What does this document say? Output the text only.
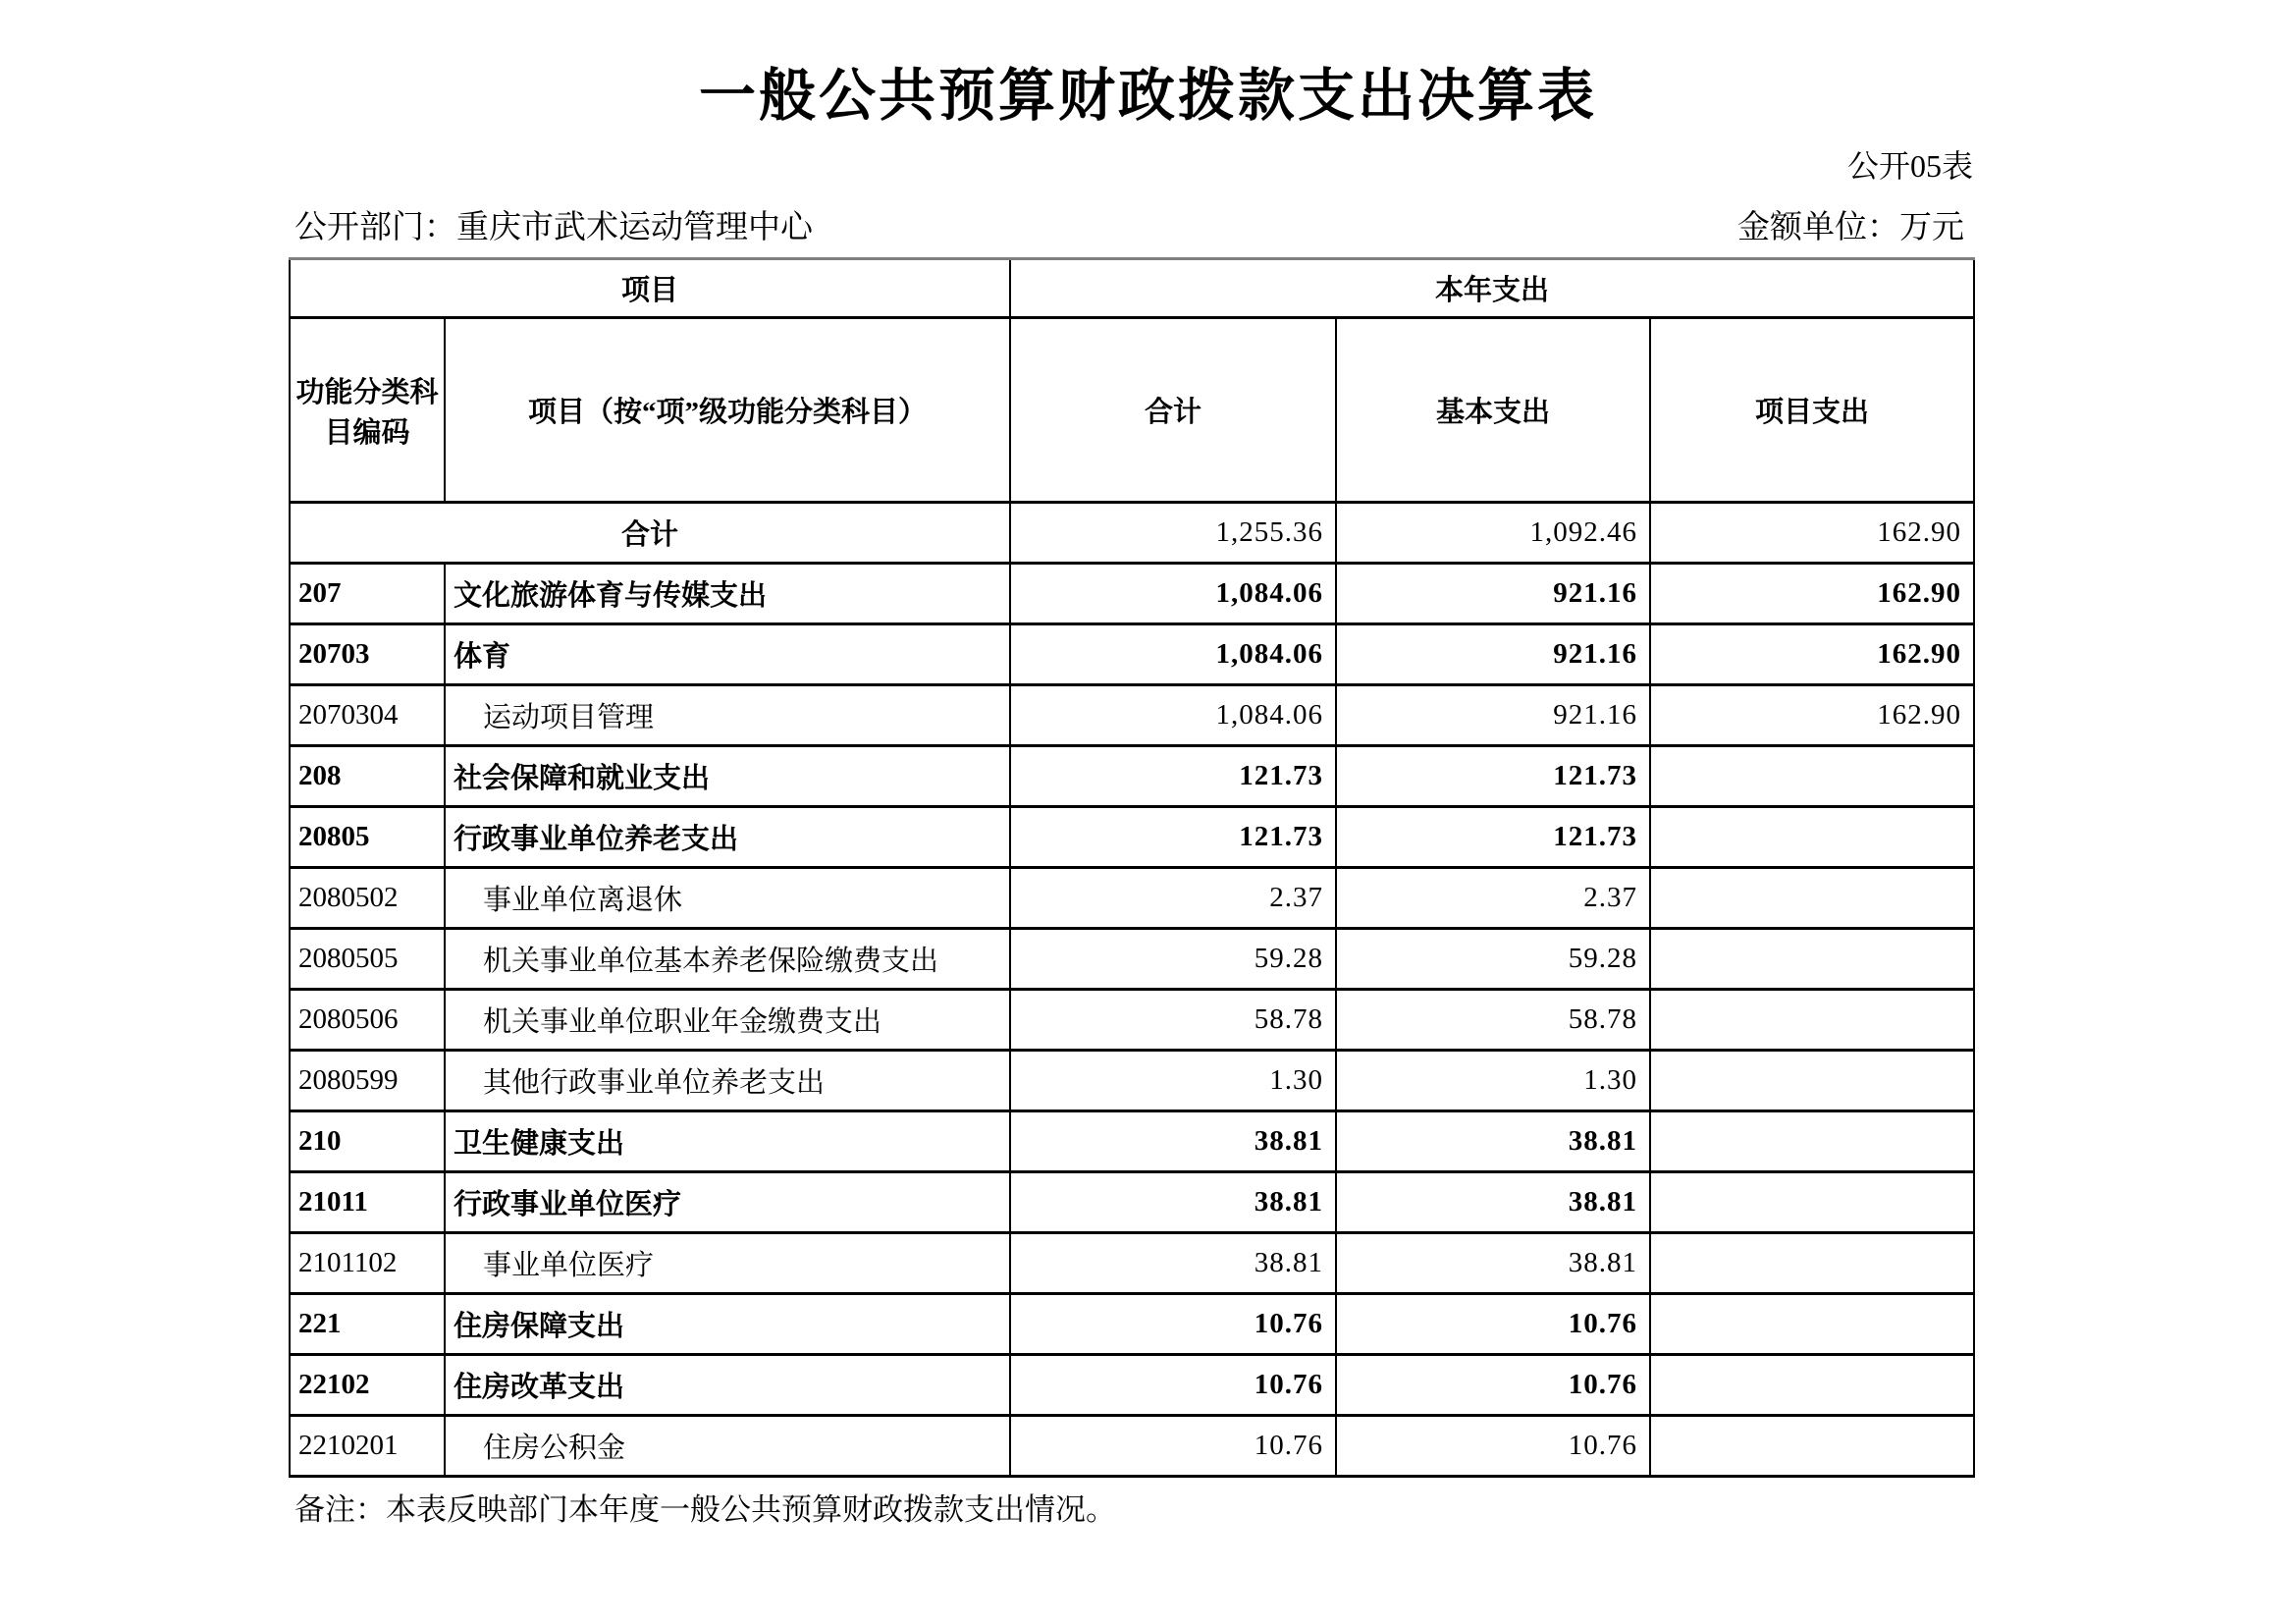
一般公共预算财政拨款支出决算表
公开05表
公开部门：重庆市武术运动管理中心	金额单位：万元
项目		本年支出		
功能分类科目编码	项目（按“项”级功能分类科目）	合计	基本支出	项目支出
合计		1,255.36	1,092.46	162.90
207	文化旅游体育与传媒支出	1,084.06	921.16	162.90
20703	体育	1,084.06	921.16	162.90
2070304	运动项目管理	1,084.06	921.16	162.90
208	社会保障和就业支出	121.73	121.73	
20805	行政事业单位养老支出	121.73	121.73	
2080502	事业单位离退休	2.37	2.37	
2080505	机关事业单位基本养老保险缴费支出	59.28	59.28	
2080506	机关事业单位职业年金缴费支出	58.78	58.78	
2080599	其他行政事业单位养老支出	1.30	1.30	
210	卫生健康支出	38.81	38.81	
21011	行政事业单位医疗	38.81	38.81	
2101102	事业单位医疗	38.81	38.81	
221	住房保障支出	10.76	10.76	
22102	住房改革支出	10.76	10.76	
2210201	住房公积金	10.76	10.76	
备注：本表反映部门本年度一般公共预算财政拨款支出情况。
